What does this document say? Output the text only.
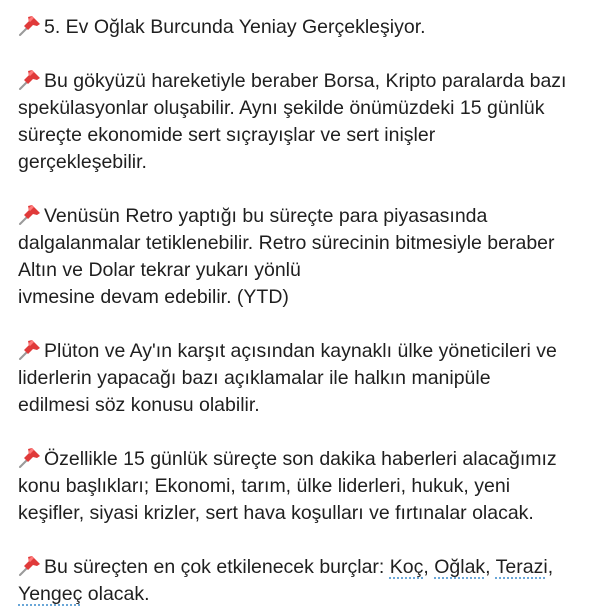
5. Ev Oğlak Burcunda Yeniay Gerçekleşiyor.

Bu gökyüzü hareketiyle beraber Borsa, Kripto paralarda bazı
spekülasyonlar oluşabilir. Aynı şekilde önümüzdeki 15 günlük
süreçte ekonomide sert sıçrayışlar ve sert inişler
gerçekleşebilir.

Venüsün Retro yaptığı bu süreçte para piyasasında
dalgalanmalar tetiklenebilir. Retro sürecinin bitmesiyle beraber
Altın ve Dolar tekrar yukarı yönlü
ivmesine devam edebilir. (YTD)

Plüton ve Ay'ın karşıt açısından kaynaklı ülke yöneticileri ve
liderlerin yapacağı bazı açıklamalar ile halkın manipüle
edilmesi söz konusu olabilir.

Özellikle 15 günlük süreçte son dakika haberleri alacağımız
konu başlıkları; Ekonomi, tarım, ülke liderleri, hukuk, yeni
keşifler, siyasi krizler, sert hava koşulları ve fırtınalar olacak.

Bu süreçten en çok etkilenecek burçlar: Koç, Oğlak, Terazi,
Yengeç olacak.
